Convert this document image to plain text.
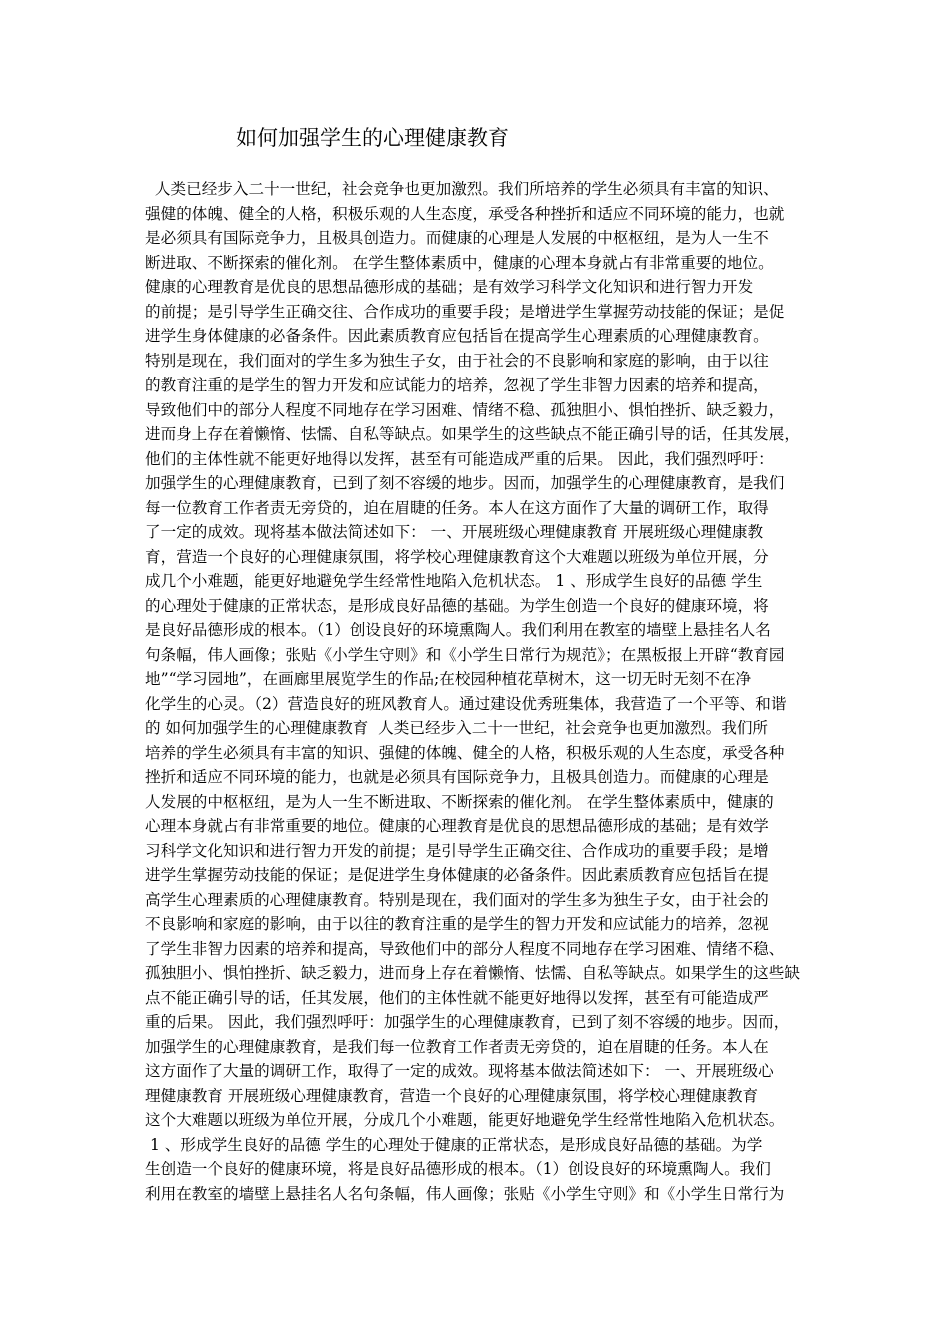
如何加强学生的心理健康教育
人类已经步入二十一世纪，社会竞争也更加激烈。我们所培养的学生必须具有丰富的知识、
强健的体魄、健全的人格，积极乐观的人生态度，承受各种挫折和适应不同环境的能力，也就
是必须具有国际竞争力，且极具创造力。而健康的心理是人发展的中枢枢纽，是为人一生不
断进取、不断探索的催化剂。 在学生整体素质中，健康的心理本身就占有非常重要的地位。
健康的心理教育是优良的思想品德形成的基础；是有效学习科学文化知识和进行智力开发
的前提；是引导学生正确交往、合作成功的重要手段；是增进学生掌握劳动技能的保证；是促
进学生身体健康的必备条件。因此素质教育应包括旨在提高学生心理素质的心理健康教育。
特别是现在，我们面对的学生多为独生子女，由于社会的不良影响和家庭的影响，由于以往
的教育注重的是学生的智力开发和应试能力的培养，忽视了学生非智力因素的培养和提高，
导致他们中的部分人程度不同地存在学习困难、情绪不稳、孤独胆小、惧怕挫折、缺乏毅力，
进而身上存在着懒惰、怯懦、自私等缺点。如果学生的这些缺点不能正确引导的话，任其发展，
他们的主体性就不能更好地得以发挥，甚至有可能造成严重的后果。 因此，我们强烈呼吁：
加强学生的心理健康教育，已到了刻不容缓的地步。因而，加强学生的心理健康教育，是我们
每一位教育工作者责无旁贷的，迫在眉睫的任务。本人在这方面作了大量的调研工作，取得
了一定的成效。现将基本做法简述如下： 一、开展班级心理健康教育 开展班级心理健康教
育，营造一个良好的心理健康氛围，将学校心理健康教育这个大难题以班级为单位开展，分
成几个小难题，能更好地避免学生经常性地陷入危机状态。 1 、形成学生良好的品德 学生
的心理处于健康的正常状态，是形成良好品德的基础。为学生创造一个良好的健康环境，将
是良好品德形成的根本。（1）创设良好的环境熏陶人。我们利用在教室的墙壁上悬挂名人名
句条幅，伟人画像；张贴《小学生守则》和《小学生日常行为规范》；在黑板报上开辟“教育园
地”“学习园地”，在画廊里展览学生的作品;在校园种植花草树木，这一切无时无刻不在净
化学生的心灵。（2）营造良好的班风教育人。通过建设优秀班集体，我营造了一个平等、和谐
的 如何加强学生的心理健康教育  人类已经步入二十一世纪，社会竞争也更加激烈。我们所
培养的学生必须具有丰富的知识、强健的体魄、健全的人格，积极乐观的人生态度，承受各种
挫折和适应不同环境的能力，也就是必须具有国际竞争力，且极具创造力。而健康的心理是
人发展的中枢枢纽，是为人一生不断进取、不断探索的催化剂。 在学生整体素质中，健康的
心理本身就占有非常重要的地位。健康的心理教育是优良的思想品德形成的基础；是有效学
习科学文化知识和进行智力开发的前提；是引导学生正确交往、合作成功的重要手段；是增
进学生掌握劳动技能的保证；是促进学生身体健康的必备条件。因此素质教育应包括旨在提
高学生心理素质的心理健康教育。特别是现在，我们面对的学生多为独生子女，由于社会的
不良影响和家庭的影响，由于以往的教育注重的是学生的智力开发和应试能力的培养，忽视
了学生非智力因素的培养和提高，导致他们中的部分人程度不同地存在学习困难、情绪不稳、
孤独胆小、惧怕挫折、缺乏毅力，进而身上存在着懒惰、怯懦、自私等缺点。如果学生的这些缺
点不能正确引导的话，任其发展，他们的主体性就不能更好地得以发挥，甚至有可能造成严
重的后果。 因此，我们强烈呼吁：加强学生的心理健康教育，已到了刻不容缓的地步。因而，
加强学生的心理健康教育，是我们每一位教育工作者责无旁贷的，迫在眉睫的任务。本人在
这方面作了大量的调研工作，取得了一定的成效。现将基本做法简述如下： 一、开展班级心
理健康教育 开展班级心理健康教育，营造一个良好的心理健康氛围，将学校心理健康教育
这个大难题以班级为单位开展，分成几个小难题，能更好地避免学生经常性地陷入危机状态。
1 、形成学生良好的品德 学生的心理处于健康的正常状态，是形成良好品德的基础。为学
生创造一个良好的健康环境，将是良好品德形成的根本。（1）创设良好的环境熏陶人。我们
利用在教室的墙壁上悬挂名人名句条幅，伟人画像；张贴《小学生守则》和《小学生日常行为
